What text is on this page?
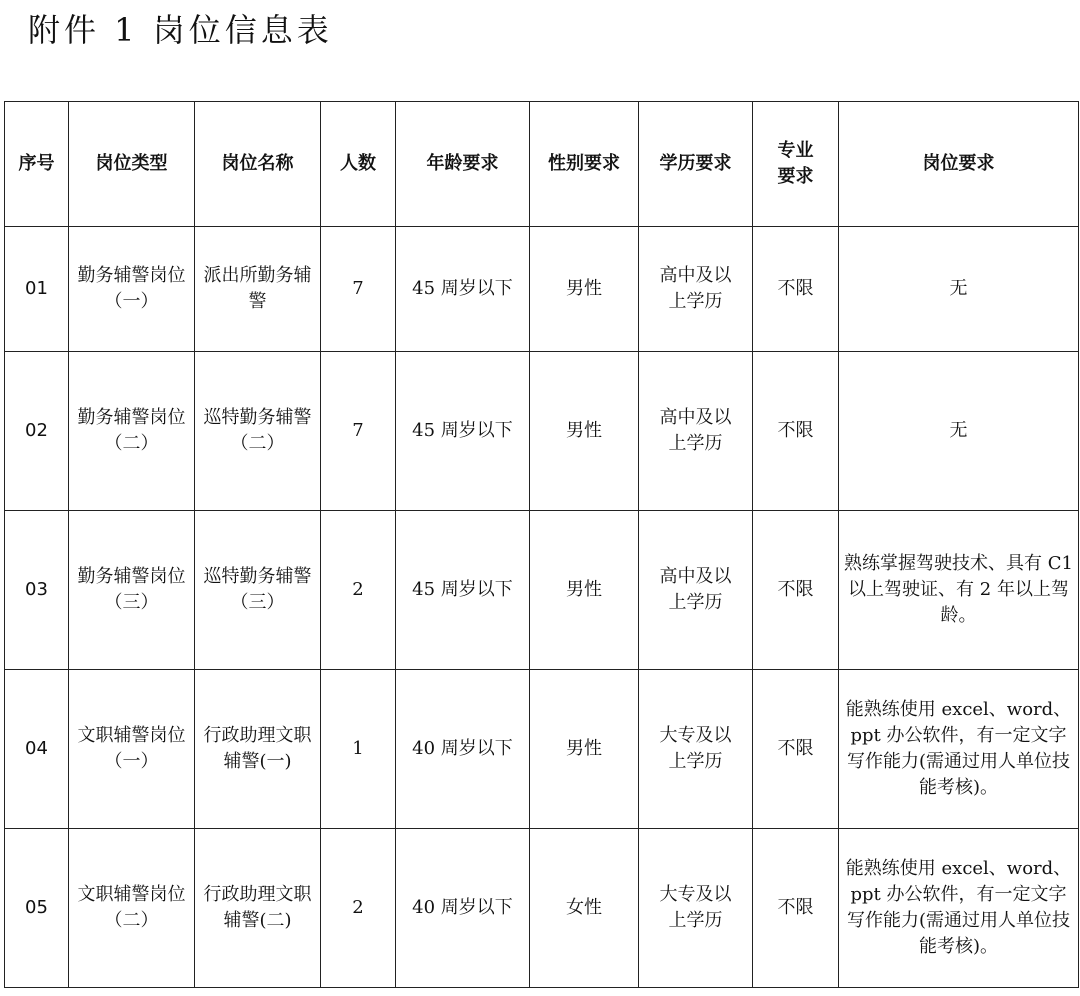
附件 1 岗位信息表
序号	岗位类型	岗位名称	人数	年龄要求	性别要求	学历要求	专业要求	岗位要求
01	勤务辅警岗位（一）	派出所勤务辅警	7	45 周岁以下	男性	高中及以上学历	不限	无
02	勤务辅警岗位（二）	巡特勤务辅警（二）	7	45 周岁以下	男性	高中及以上学历	不限	无
03	勤务辅警岗位（三）	巡特勤务辅警（三）	2	45 周岁以下	男性	高中及以上学历	不限	熟练掌握驾驶技术、具有 C1 以上驾驶证、有 2 年以上驾龄。
04	文职辅警岗位（一）	行政助理文职辅警(一)	1	40 周岁以下	男性	大专及以上学历	不限	能熟练使用 excel、word、ppt 办公软件，有一定文字写作能力(需通过用人单位技能考核)。
05	文职辅警岗位（二）	行政助理文职辅警(二)	2	40 周岁以下	女性	大专及以上学历	不限	能熟练使用 excel、word、ppt 办公软件，有一定文字写作能力(需通过用人单位技能考核)。
